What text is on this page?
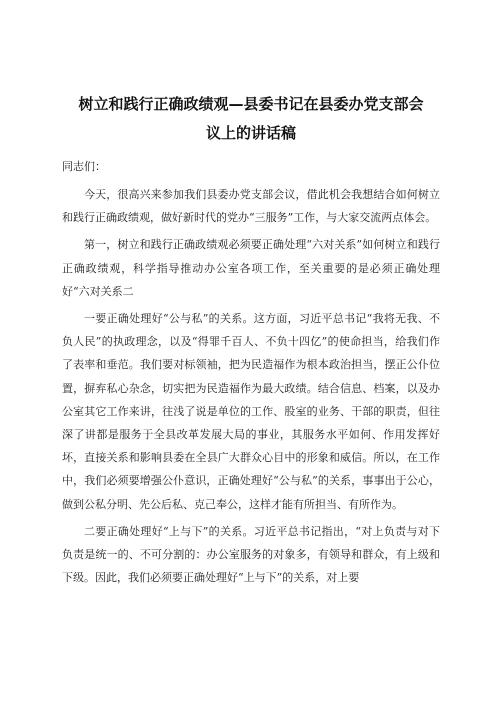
树立和践行正确政绩观—县委书记在县委办党支部会
议上的讲话稿

同志们：

今天，很高兴来参加我们县委办党支部会议，借此机会我想结合如何树立和践行正确政绩观，做好新时代的党办“三服务”工作，与大家交流两点体会。

第一，树立和践行正确政绩观必须要正确处理“六对关系”如何树立和践行正确政绩观，科学指导推动办公室各项工作，至关重要的是必须正确处理好“六对关系二

一要正确处理好“公与私”的关系。这方面，习近平总书记“我将无我、不负人民”的执政理念，以及“得罪千百人、不负十四亿”的使命担当，给我们作了表率和垂范。我们要对标领袖，把为民造福作为根本政治担当，摆正公仆位置，摒弃私心杂念，切实把为民造福作为最大政绩。结合信息、档案，以及办公室其它工作来讲，往浅了说是单位的工作、股室的业务、干部的职责，但往深了讲都是服务于全县改革发展大局的事业，其服务水平如何、作用发挥好坏，直接关系和影响县委在全县广大群众心目中的形象和威信。所以，在工作中，我们必须要增强公仆意识，正确处理好“公与私”的关系，事事出于公心，做到公私分明、先公后私、克己奉公，这样才能有所担当、有所作为。

二要正确处理好“上与下”的关系。习近平总书记指出，“对上负责与对下负责是统一的、不可分割的：办公室服务的对象多，有领导和群众，有上级和下级。因此，我们必须要正确处理好“上与下”的关系，对上要
